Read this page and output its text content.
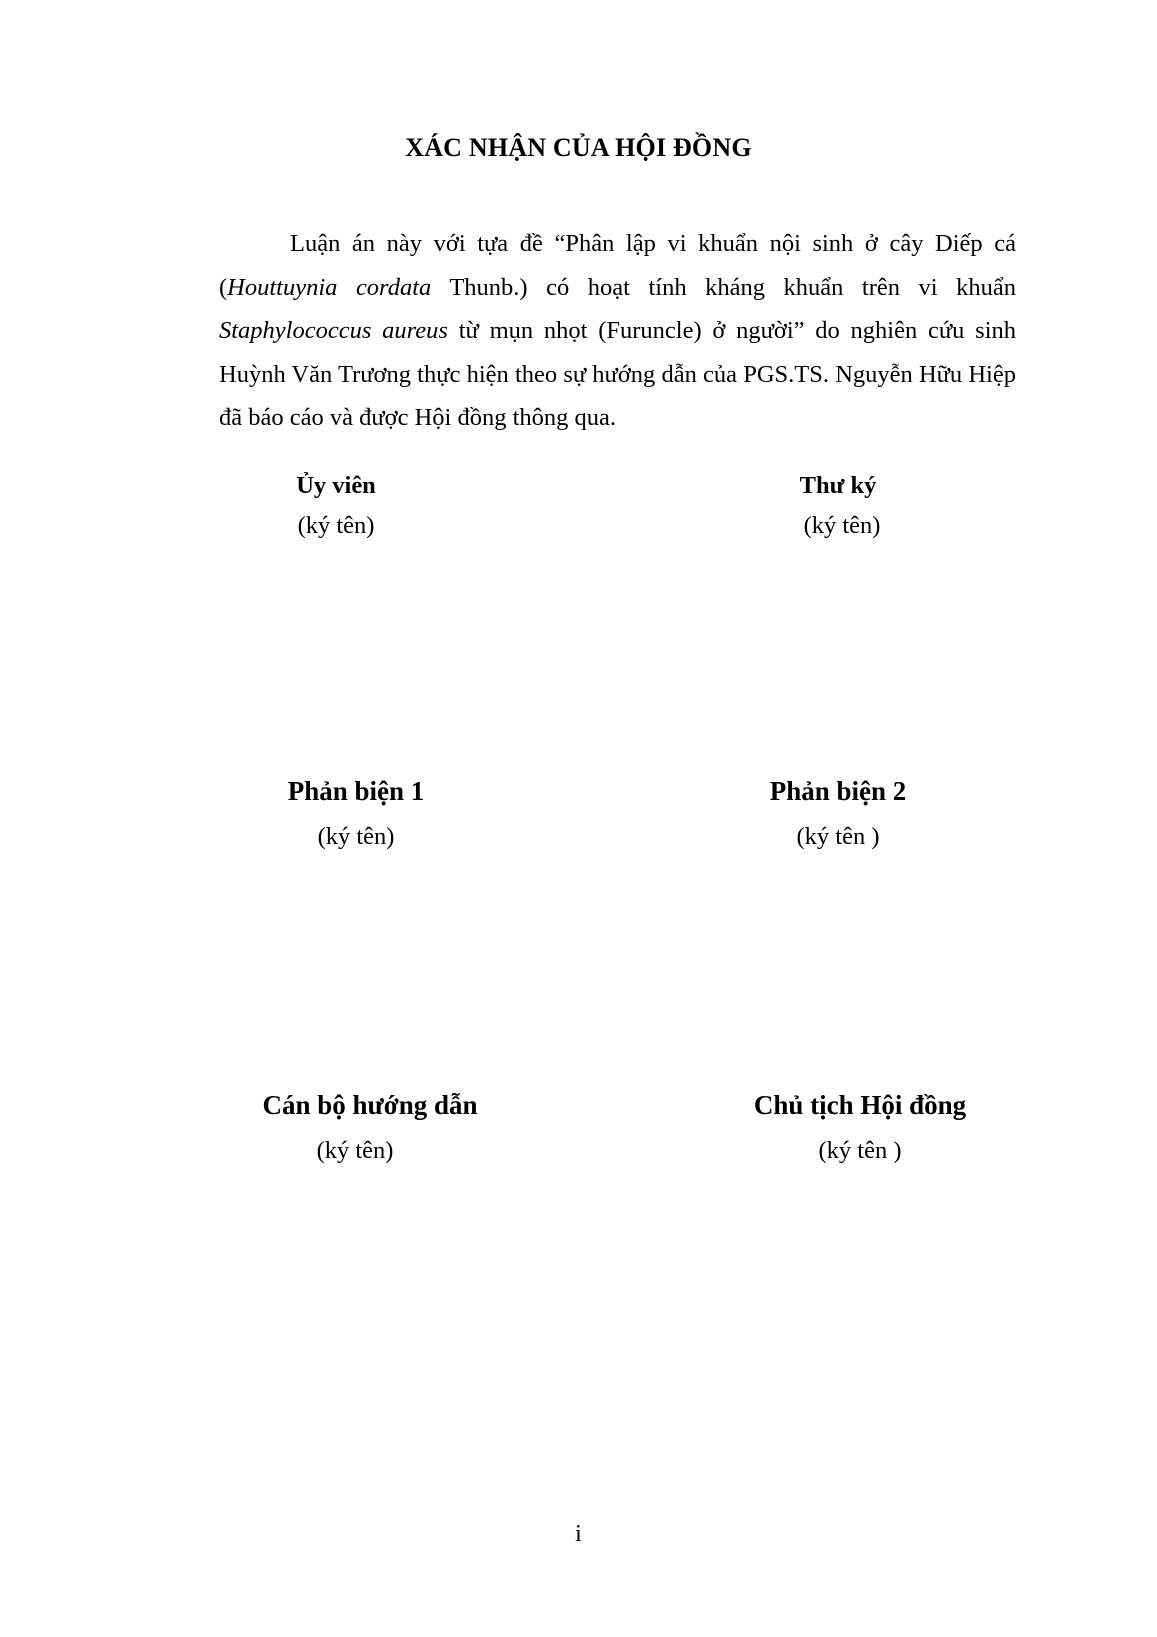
XÁC NHẬN CỦA HỘI ĐỒNG

Luận án này với tựa đề “Phân lập vi khuẩn nội sinh ở cây Diếp cá (Houttuynia cordata Thunb.) có hoạt tính kháng khuẩn trên vi khuẩn Staphylococcus aureus từ mụn nhọt (Furuncle) ở người” do nghiên cứu sinh Huỳnh Văn Trương thực hiện theo sự hướng dẫn của PGS.TS. Nguyễn Hữu Hiệp đã báo cáo và được Hội đồng thông qua.

Ủy viên
(ký tên)
Thư ký
(ký tên)
Phản biện 1
(ký tên)
Phản biện 2
(ký tên )
Cán bộ hướng dẫn
(ký tên)
Chủ tịch Hội đồng
(ký tên )
i
